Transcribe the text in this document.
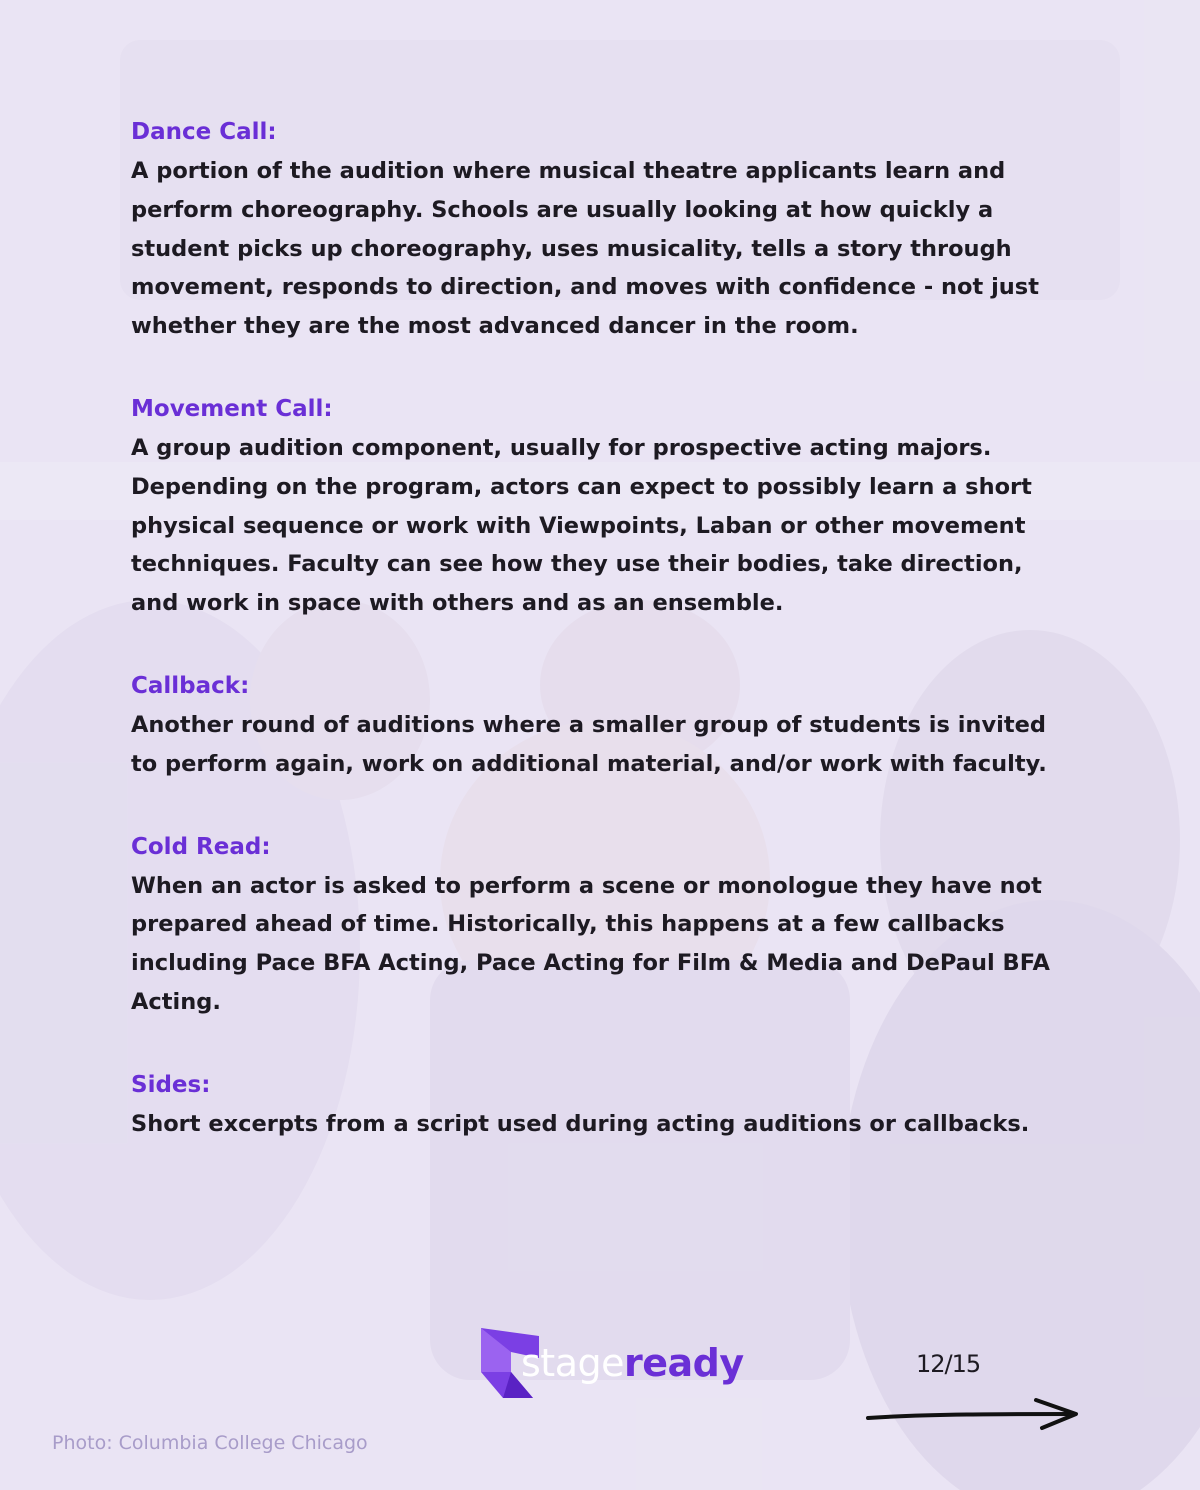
Dance Call:
A portion of the audition where musical theatre applicants learn and perform choreography. Schools are usually looking at how quickly a student picks up choreography, uses musicality, tells a story through movement, responds to direction, and moves with confidence - not just whether they are the most advanced dancer in the room.
Movement Call:
A group audition component, usually for prospective acting majors. Depending on the program, actors can expect to possibly learn a short physical sequence or work with Viewpoints, Laban or other movement techniques. Faculty can see how they use their bodies, take direction, and work in space with others and as an ensemble.
Callback:
Another round of auditions where a smaller group of students is invited to perform again, work on additional material, and/or work with faculty.
Cold Read:
When an actor is asked to perform a scene or monologue they have not prepared ahead of time. Historically, this happens at a few callbacks including Pace BFA Acting, Pace Acting for Film & Media and DePaul BFA Acting.
Sides:
Short excerpts from a script used during acting auditions or callbacks.
stageready	12/15
Photo: Columbia College Chicago
